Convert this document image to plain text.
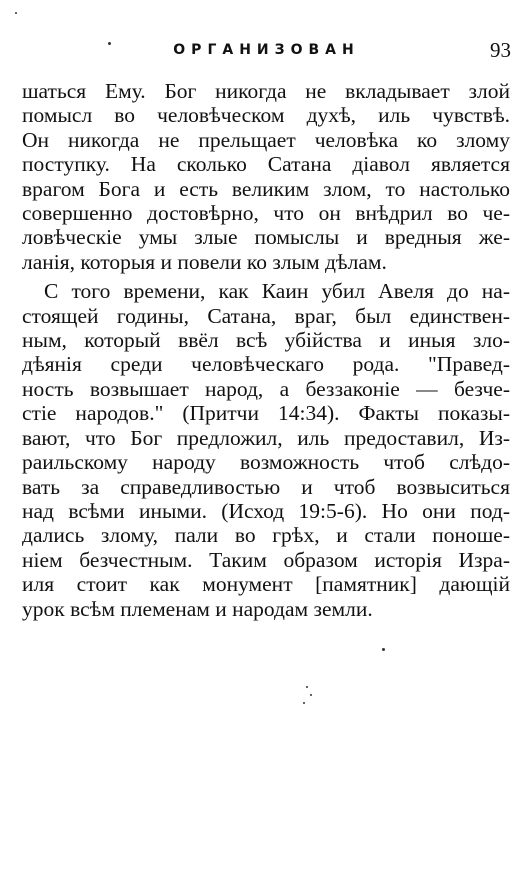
ОРГАНИЗОВАН	93
шаться Ему. Бог никогда не вкладывает злой
помысл во человѣческом духѣ, иль чувствѣ.
Он никогда не прельщает человѣка ко злому
поступку. На сколько Сатана діавол является
врагом Бога и есть великим злом, то настолько
совершенно достовѣрно, что он внѣдрил во че-
ловѣческіе умы злые помыслы и вредныя же-
ланія, которыя и повели ко злым дѣлам.
С того времени, как Каин убил Авеля до на-
стоящей годины, Сатана, враг, был единствен-
ным, который ввёл всѣ убійства и иныя зло-
дѣянія среди человѣческаго рода. "Правед-
ность возвышает народ, а беззаконіе — безче-
стіе народов." (Притчи 14:34). Факты показы-
вают, что Бог предложил, иль предоставил, Из-
раильскому народу возможность чтоб слѣдо-
вать за справедливостью и чтоб возвыситься
над всѣми иными. (Исход 19:5-6). Но они под-
дались злому, пали во грѣх, и стали поноше-
ніем безчестным. Таким образом исторія Изра-
иля стоит как монумент [памятник] дающій
урок всѣм племенам и народам земли.
